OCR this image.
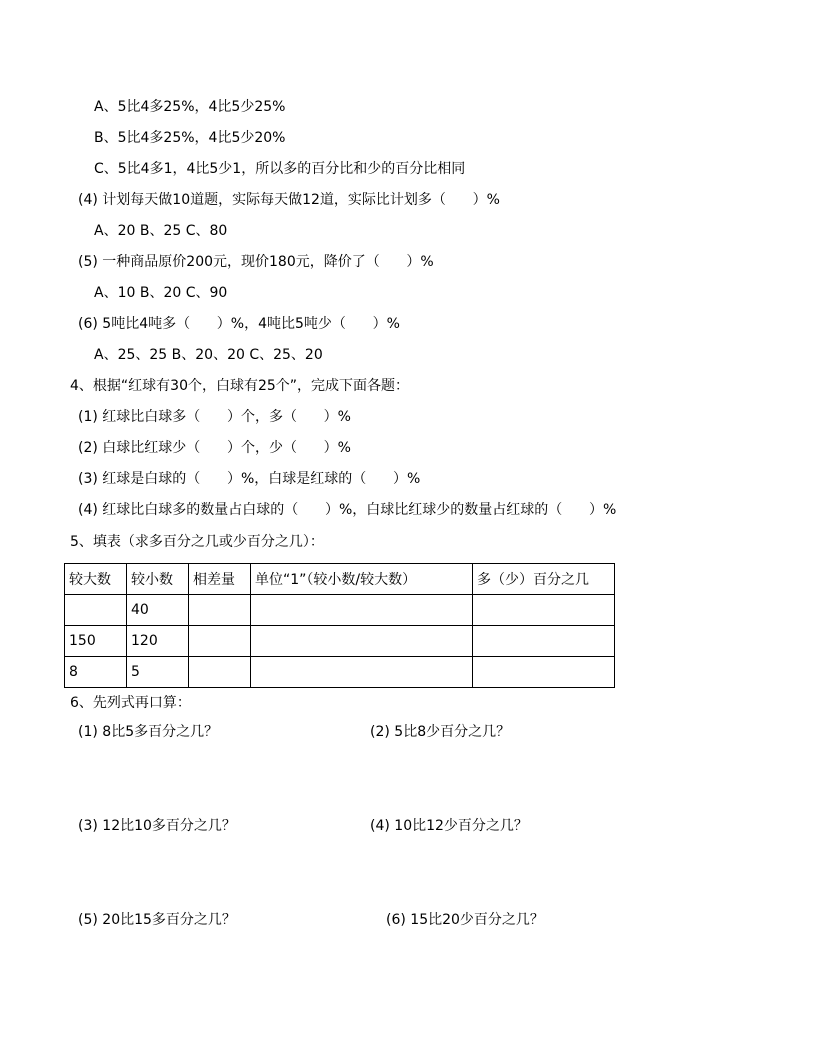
A、5比4多25%，4比5少25%
B、5比4多25%，4比5少20%
C、5比4多1，4比5少1，所以多的百分比和少的百分比相同
(4) 计划每天做10道题，实际每天做12道，实际比计划多（      ）%
A、20 B、25 C、80
(5) 一种商品原价200元，现价180元，降价了（      ）%
A、10 B、20 C、90
(6) 5吨比4吨多（      ）%，4吨比5吨少（      ）%
A、25、25 B、20、20 C、25、20
4、根据“红球有30个，白球有25个”，完成下面各题：
(1) 红球比白球多（      ）个，多（      ）%
(2) 白球比红球少（      ）个，少（      ）%
(3) 红球是白球的（      ）%，白球是红球的（      ）%
(4) 红球比白球多的数量占白球的（      ）%，白球比红球少的数量占红球的（      ）%
5、填表（求多百分之几或少百分之几）：
较大数	较小数	相差量	单位“1”（较小数/较大数）	多（少）百分之几
	40			
150	120			
8	5			
6、先列式再口算：
(1) 8比5多百分之几？	(2) 5比8少百分之几？
(3) 12比10多百分之几？	(4) 10比12少百分之几？
(5) 20比15多百分之几？	(6) 15比20少百分之几？
